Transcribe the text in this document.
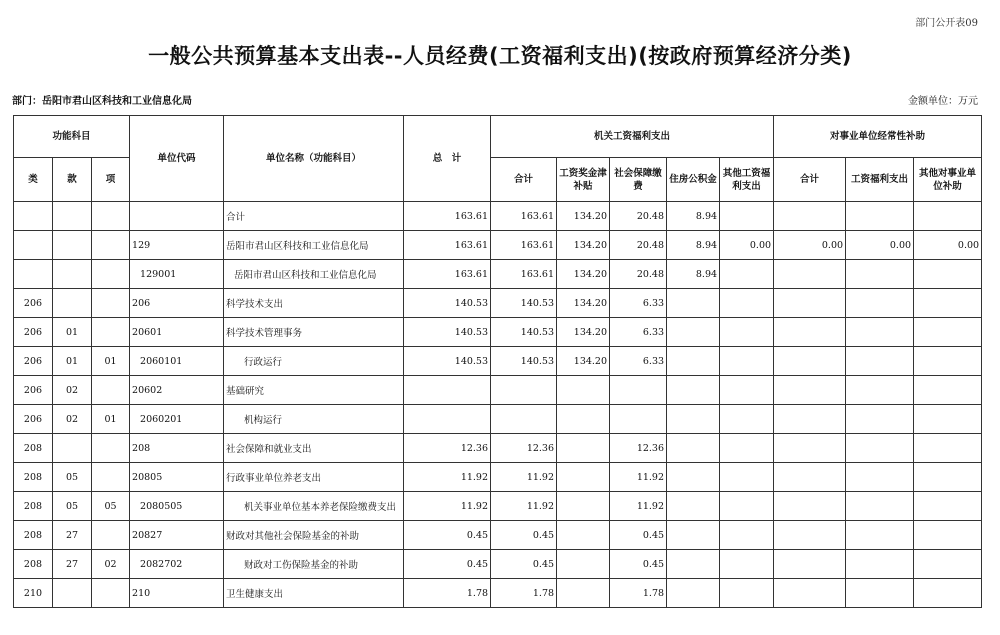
部门公开表09
一般公共预算基本支出表--人员经费(工资福利支出)(按政府预算经济分类)
部门：岳阳市君山区科技和工业信息化局	金额单位：万元
功能科目			单位代码	单位名称（功能科目）	总　计	机关工资福利支出					对事业单位经常性补助		
类	款	项				合计	工资奖金津补贴	社会保障缴费	住房公积金	其他工资福利支出	合计	工资福利支出	其他对事业单位补助
				合计	163.61	163.61	134.20	20.48	8.94				
			129	岳阳市君山区科技和工业信息化局	163.61	163.61	134.20	20.48	8.94	0.00	0.00	0.00	0.00
			129001	岳阳市君山区科技和工业信息化局	163.61	163.61	134.20	20.48	8.94				
206			206	科学技术支出	140.53	140.53	134.20	6.33					
206	01		20601	科学技术管理事务	140.53	140.53	134.20	6.33					
206	01	01	2060101	行政运行	140.53	140.53	134.20	6.33					
206	02		20602	基础研究									
206	02	01	2060201	机构运行									
208			208	社会保障和就业支出	12.36	12.36		12.36					
208	05		20805	行政事业单位养老支出	11.92	11.92		11.92					
208	05	05	2080505	机关事业单位基本养老保险缴费支出	11.92	11.92		11.92					
208	27		20827	财政对其他社会保险基金的补助	0.45	0.45		0.45					
208	27	02	2082702	财政对工伤保险基金的补助	0.45	0.45		0.45					
210			210	卫生健康支出	1.78	1.78		1.78					
